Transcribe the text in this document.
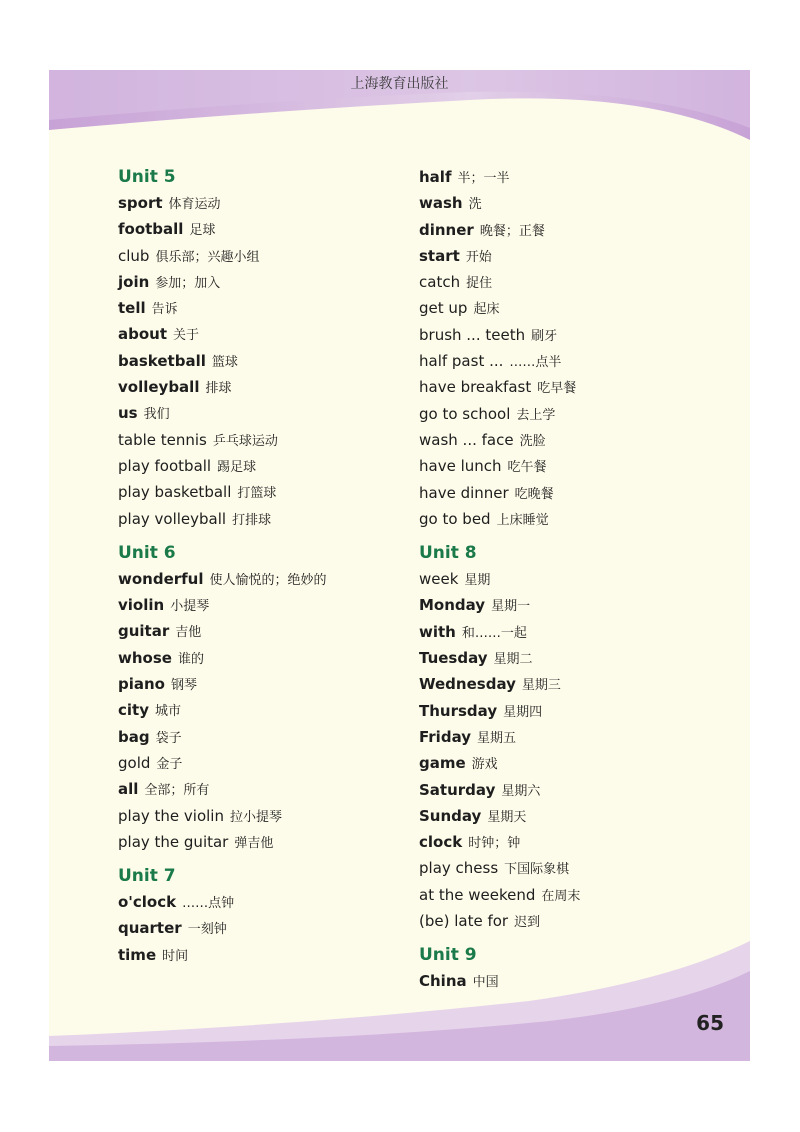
上海教育出版社
Unit 5
sport 体育运动
football 足球
club 俱乐部；兴趣小组
join 参加；加入
tell 告诉
about 关于
basketball 篮球
volleyball 排球
us 我们
table tennis 乒乓球运动
play football 踢足球
play basketball 打篮球
play volleyball 打排球
Unit 6
wonderful 使人愉悦的；绝妙的
violin 小提琴
guitar 吉他
whose 谁的
piano 钢琴
city 城市
bag 袋子
gold 金子
all 全部；所有
play the violin 拉小提琴
play the guitar 弹吉他
Unit 7
o'clock ……点钟
quarter 一刻钟
time 时间
half 半；一半
wash 洗
dinner 晚餐；正餐
start 开始
catch 捉住
get up 起床
brush ... teeth 刷牙
half past ... ……点半
have breakfast 吃早餐
go to school 去上学
wash ... face 洗脸
have lunch 吃午餐
have dinner 吃晚餐
go to bed 上床睡觉
Unit 8
week 星期
Monday 星期一
with 和……一起
Tuesday 星期二
Wednesday 星期三
Thursday 星期四
Friday 星期五
game 游戏
Saturday 星期六
Sunday 星期天
clock 时钟；钟
play chess 下国际象棋
at the weekend 在周末
(be) late for 迟到
Unit 9
China 中国
65
